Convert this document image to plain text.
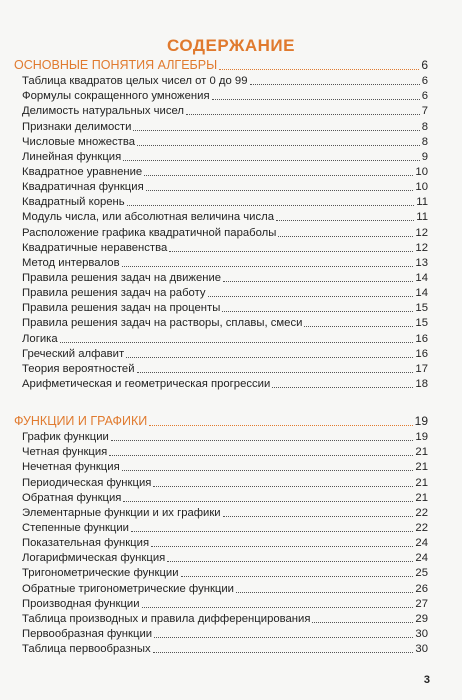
СОДЕРЖАНИЕ
ОСНОВНЫЕ ПОНЯТИЯ АЛГЕБРЫ	6
Таблица квадратов целых чисел от 0 до 99	6
Формулы сокращенного умножения	6
Делимость натуральных чисел	7
Признаки делимости	8
Числовые множества	8
Линейная функция	9
Квадратное уравнение	10
Квадратичная функция	10
Квадратный корень	11
Модуль числа, или абсолютная величина числа	11
Расположение графика квадратичной параболы	12
Квадратичные неравенства	12
Метод интервалов	13
Правила решения задач на движение	14
Правила решения задач на работу	14
Правила решения задач на проценты	15
Правила решения задач на растворы, сплавы, смеси	15
Логика	16
Греческий алфавит	16
Теория вероятностей	17
Арифметическая и геометрическая прогрессии	18
ФУНКЦИИ И ГРАФИКИ	19
График функции	19
Четная функция	21
Нечетная функция	21
Периодическая функция	21
Обратная функция	21
Элементарные функции и их графики	22
Степенные функции	22
Показательная функция	24
Логарифмическая функция	24
Тригонометрические функции	25
Обратные тригонометрические функции	26
Производная функции	27
Таблица производных и правила дифференцирования	29
Первообразная функции	30
Таблица первообразных	30
3
